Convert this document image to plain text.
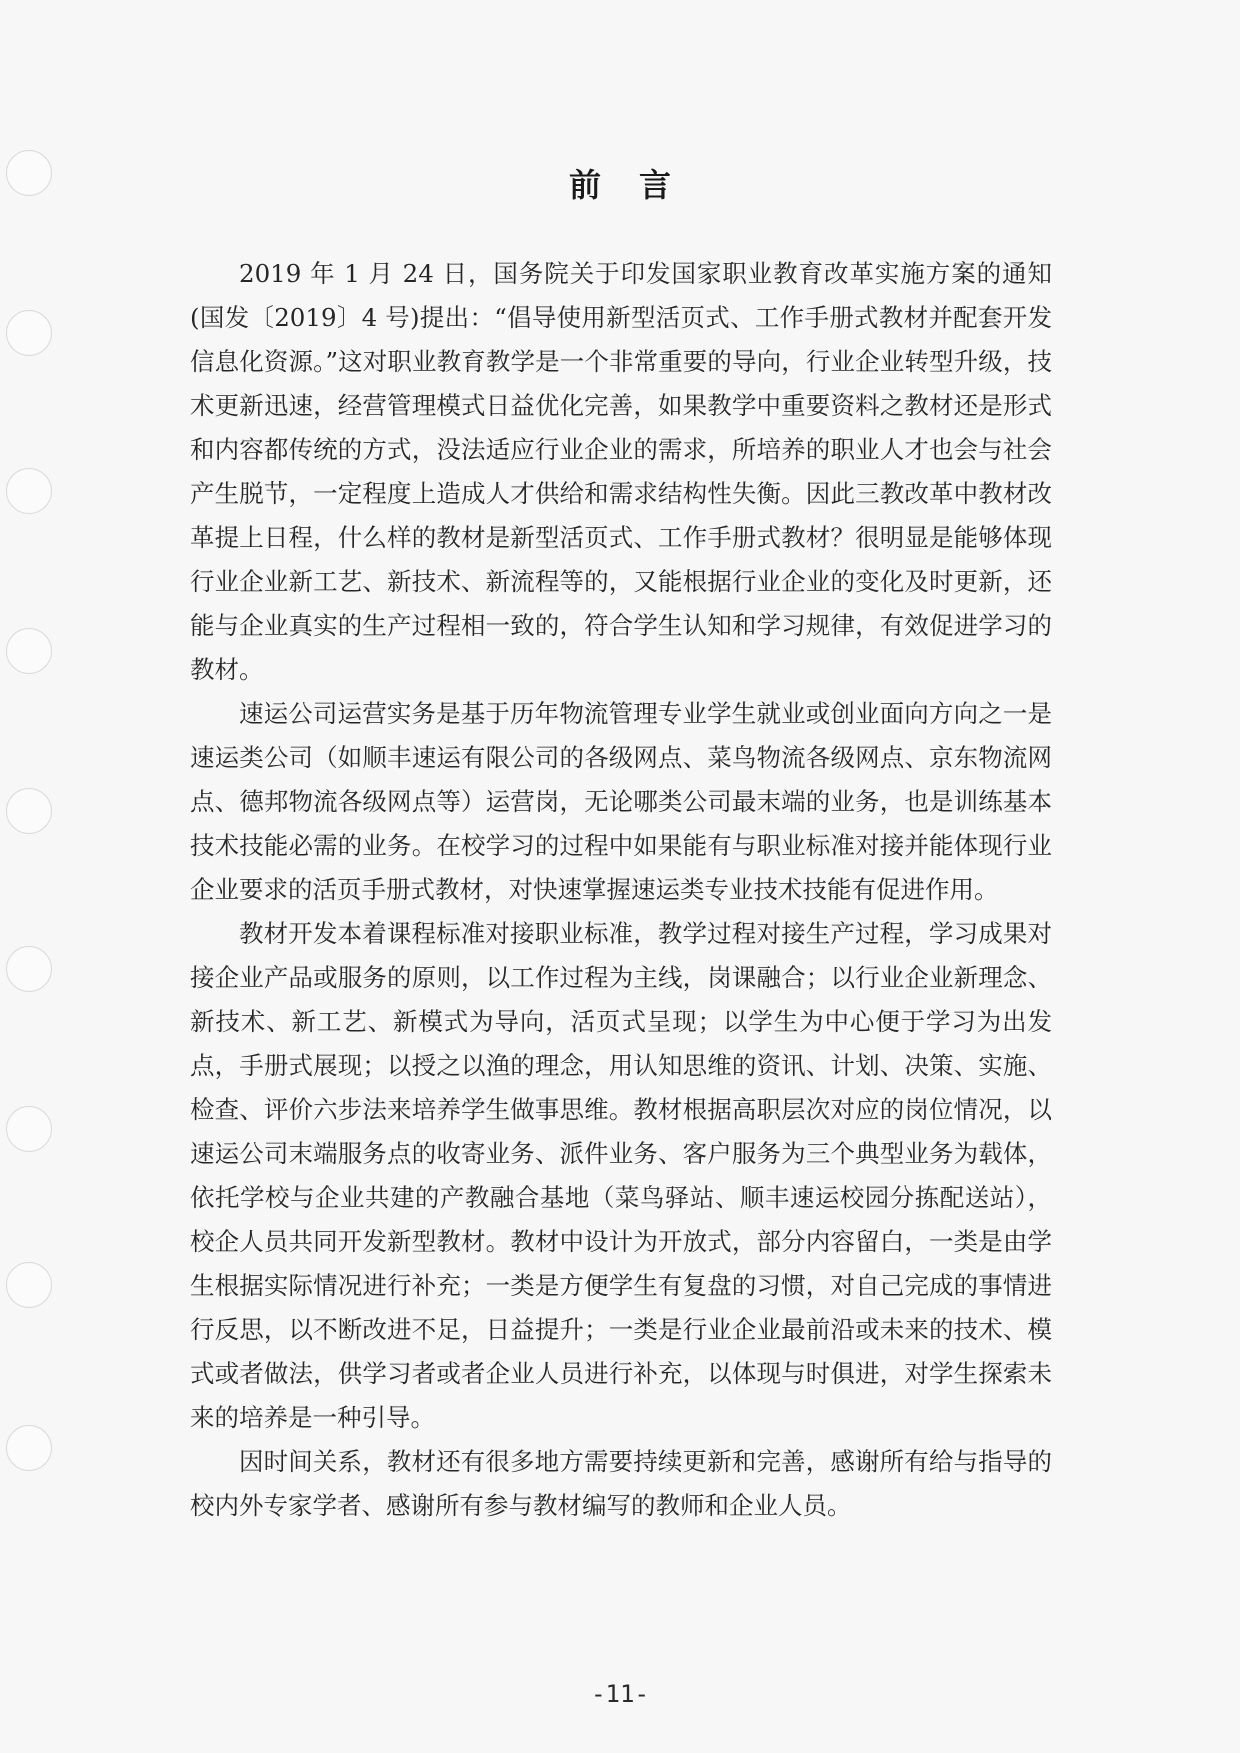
前言

2019 年 1 月 24 日，国务院关于印发国家职业教育改革实施方案的通知(国发〔2019〕4 号)提出：“倡导使用新型活页式、工作手册式教材并配套开发信息化资源。”这对职业教育教学是一个非常重要的导向，行业企业转型升级，技术更新迅速，经营管理模式日益优化完善，如果教学中重要资料之教材还是形式和内容都传统的方式，没法适应行业企业的需求，所培养的职业人才也会与社会产生脱节，一定程度上造成人才供给和需求结构性失衡。因此三教改革中教材改革提上日程，什么样的教材是新型活页式、工作手册式教材？很明显是能够体现行业企业新工艺、新技术、新流程等的，又能根据行业企业的变化及时更新，还能与企业真实的生产过程相一致的，符合学生认知和学习规律，有效促进学习的教材。

速运公司运营实务是基于历年物流管理专业学生就业或创业面向方向之一是速运类公司（如顺丰速运有限公司的各级网点、菜鸟物流各级网点、京东物流网点、德邦物流各级网点等）运营岗，无论哪类公司最末端的业务，也是训练基本技术技能必需的业务。在校学习的过程中如果能有与职业标准对接并能体现行业企业要求的活页手册式教材，对快速掌握速运类专业技术技能有促进作用。

教材开发本着课程标准对接职业标准，教学过程对接生产过程，学习成果对接企业产品或服务的原则，以工作过程为主线，岗课融合；以行业企业新理念、新技术、新工艺、新模式为导向，活页式呈现；以学生为中心便于学习为出发点，手册式展现；以授之以渔的理念，用认知思维的资讯、计划、决策、实施、检查、评价六步法来培养学生做事思维。教材根据高职层次对应的岗位情况，以速运公司末端服务点的收寄业务、派件业务、客户服务为三个典型业务为载体，依托学校与企业共建的产教融合基地（菜鸟驿站、顺丰速运校园分拣配送站），校企人员共同开发新型教材。教材中设计为开放式，部分内容留白，一类是由学生根据实际情况进行补充；一类是方便学生有复盘的习惯，对自己完成的事情进行反思，以不断改进不足，日益提升；一类是行业企业最前沿或未来的技术、模式或者做法，供学习者或者企业人员进行补充，以体现与时俱进，对学生探索未来的培养是一种引导。

因时间关系，教材还有很多地方需要持续更新和完善，感谢所有给与指导的校内外专家学者、感谢所有参与教材编写的教师和企业人员。

-11-
